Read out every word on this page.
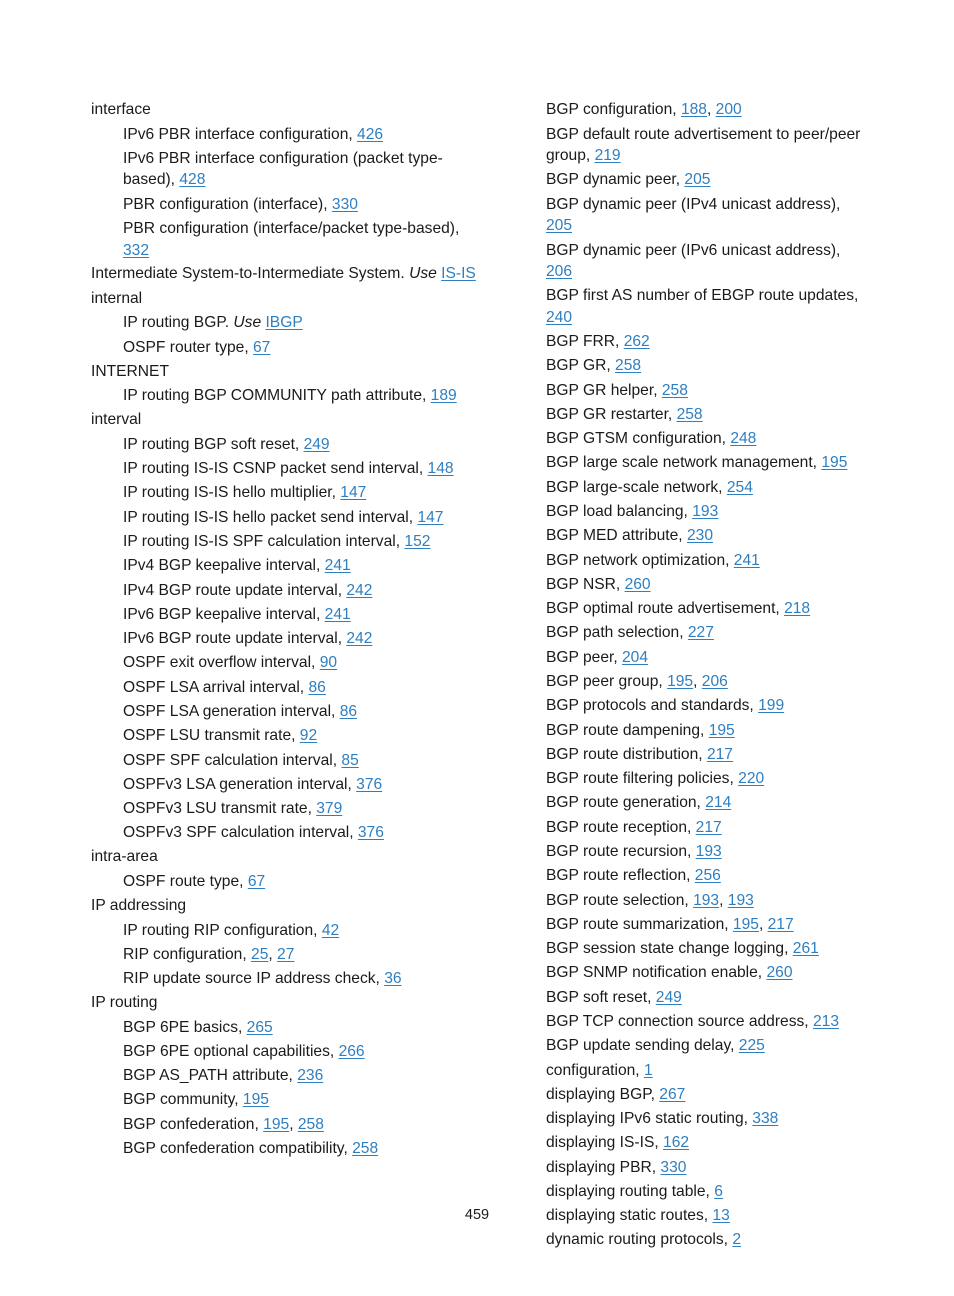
interface
IPv6 PBR interface configuration, 426
IPv6 PBR interface configuration (packet type-based), 428
PBR configuration (interface), 330
PBR configuration (interface/packet type-based), 332
Intermediate System-to-Intermediate System. Use IS-IS
internal
IP routing BGP. Use IBGP
OSPF router type, 67
INTERNET
IP routing BGP COMMUNITY path attribute, 189
interval
IP routing BGP soft reset, 249
IP routing IS-IS CSNP packet send interval, 148
IP routing IS-IS hello multiplier, 147
IP routing IS-IS hello packet send interval, 147
IP routing IS-IS SPF calculation interval, 152
IPv4 BGP keepalive interval, 241
IPv4 BGP route update interval, 242
IPv6 BGP keepalive interval, 241
IPv6 BGP route update interval, 242
OSPF exit overflow interval, 90
OSPF LSA arrival interval, 86
OSPF LSA generation interval, 86
OSPF LSU transmit rate, 92
OSPF SPF calculation interval, 85
OSPFv3 LSA generation interval, 376
OSPFv3 LSU transmit rate, 379
OSPFv3 SPF calculation interval, 376
intra-area
OSPF route type, 67
IP addressing
IP routing RIP configuration, 42
RIP configuration, 25, 27
RIP update source IP address check, 36
IP routing
BGP 6PE basics, 265
BGP 6PE optional capabilities, 266
BGP AS_PATH attribute, 236
BGP community, 195
BGP confederation, 195, 258
BGP confederation compatibility, 258
BGP configuration, 188, 200
BGP default route advertisement to peer/peer group, 219
BGP dynamic peer, 205
BGP dynamic peer (IPv4 unicast address), 205
BGP dynamic peer (IPv6 unicast address), 206
BGP first AS number of EBGP route updates, 240
BGP FRR, 262
BGP GR, 258
BGP GR helper, 258
BGP GR restarter, 258
BGP GTSM configuration, 248
BGP large scale network management, 195
BGP large-scale network, 254
BGP load balancing, 193
BGP MED attribute, 230
BGP network optimization, 241
BGP NSR, 260
BGP optimal route advertisement, 218
BGP path selection, 227
BGP peer, 204
BGP peer group, 195, 206
BGP protocols and standards, 199
BGP route dampening, 195
BGP route distribution, 217
BGP route filtering policies, 220
BGP route generation, 214
BGP route reception, 217
BGP route recursion, 193
BGP route reflection, 256
BGP route selection, 193, 193
BGP route summarization, 195, 217
BGP session state change logging, 261
BGP SNMP notification enable, 260
BGP soft reset, 249
BGP TCP connection source address, 213
BGP update sending delay, 225
configuration, 1
displaying BGP, 267
displaying IPv6 static routing, 338
displaying IS-IS, 162
displaying PBR, 330
displaying routing table, 6
displaying static routes, 13
dynamic routing protocols, 2
459
